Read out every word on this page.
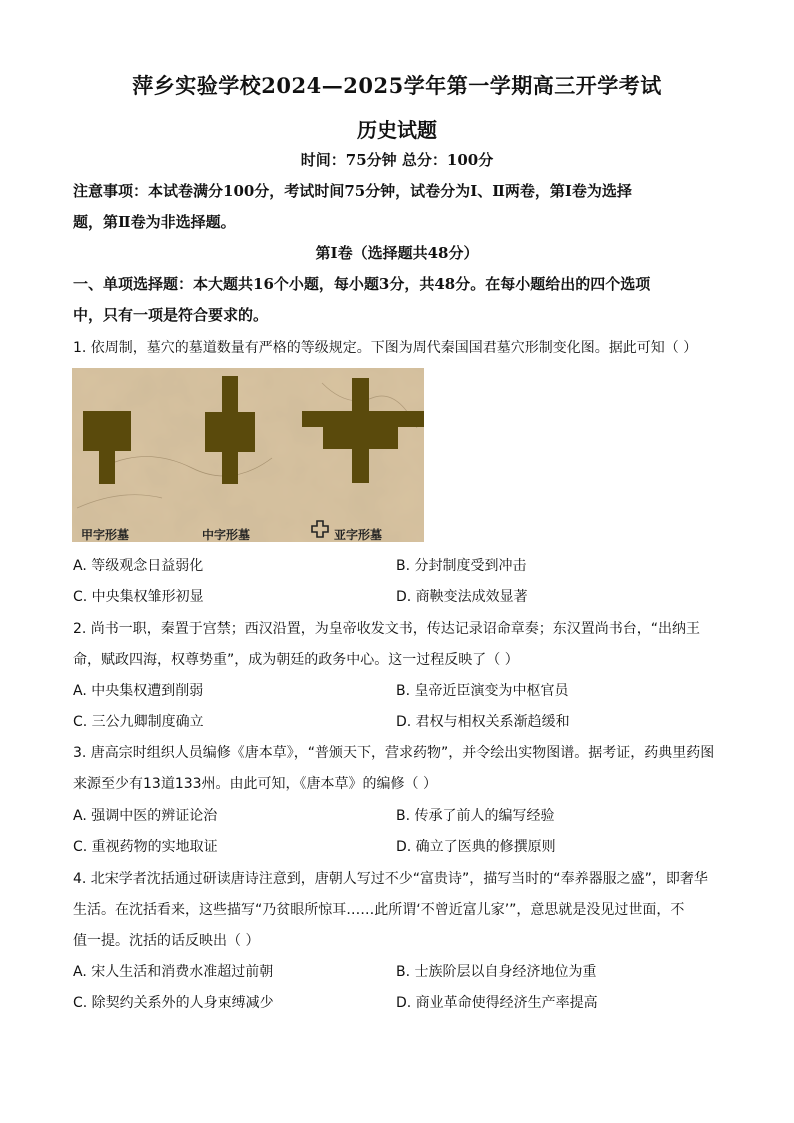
萍乡实验学校2024—2025学年第一学期高三开学考试
历史试题
时间：75分钟 总分：100分
注意事项：本试卷满分100分，考试时间75分钟，试卷分为Ⅰ、Ⅱ两卷，第Ⅰ卷为选择
题，第Ⅱ卷为非选择题。
第Ⅰ卷（选择题共48分）
一、单项选择题：本大题共16个小题，每小题3分，共48分。在每小题给出的四个选项
中，只有一项是符合要求的。
1. 依周制，墓穴的墓道数量有严格的等级规定。下图为周代秦国国君墓穴形制变化图。据此可知（ ）
甲字形墓	中字形墓	亚字形墓
A. 等级观念日益弱化	B. 分封制度受到冲击
C. 中央集权雏形初显	D. 商鞅变法成效显著
2. 尚书一职，秦置于宫禁；西汉沿置，为皇帝收发文书，传达记录诏命章奏；东汉置尚书台，“出纳王
命，赋政四海，权尊势重”，成为朝廷的政务中心。这一过程反映了（ ）
A. 中央集权遭到削弱	B. 皇帝近臣演变为中枢官员
C. 三公九卿制度确立	D. 君权与相权关系渐趋缓和
3. 唐高宗时组织人员编修《唐本草》，“普颁天下，营求药物”，并令绘出实物图谱。据考证，药典里药图
来源至少有13道133州。由此可知，《唐本草》的编修（ ）
A. 强调中医的辨证论治	B. 传承了前人的编写经验
C. 重视药物的实地取证	D. 确立了医典的修撰原则
4. 北宋学者沈括通过研读唐诗注意到，唐朝人写过不少“富贵诗”，描写当时的“奉养器服之盛”，即奢华
生活。在沈括看来，这些描写“乃贫眼所惊耳……此所谓‘不曾近富儿家’”，意思就是没见过世面，不
值一提。沈括的话反映出（ ）
A. 宋人生活和消费水准超过前朝	B. 士族阶层以自身经济地位为重
C. 除契约关系外的人身束缚减少	D. 商业革命使得经济生产率提高
